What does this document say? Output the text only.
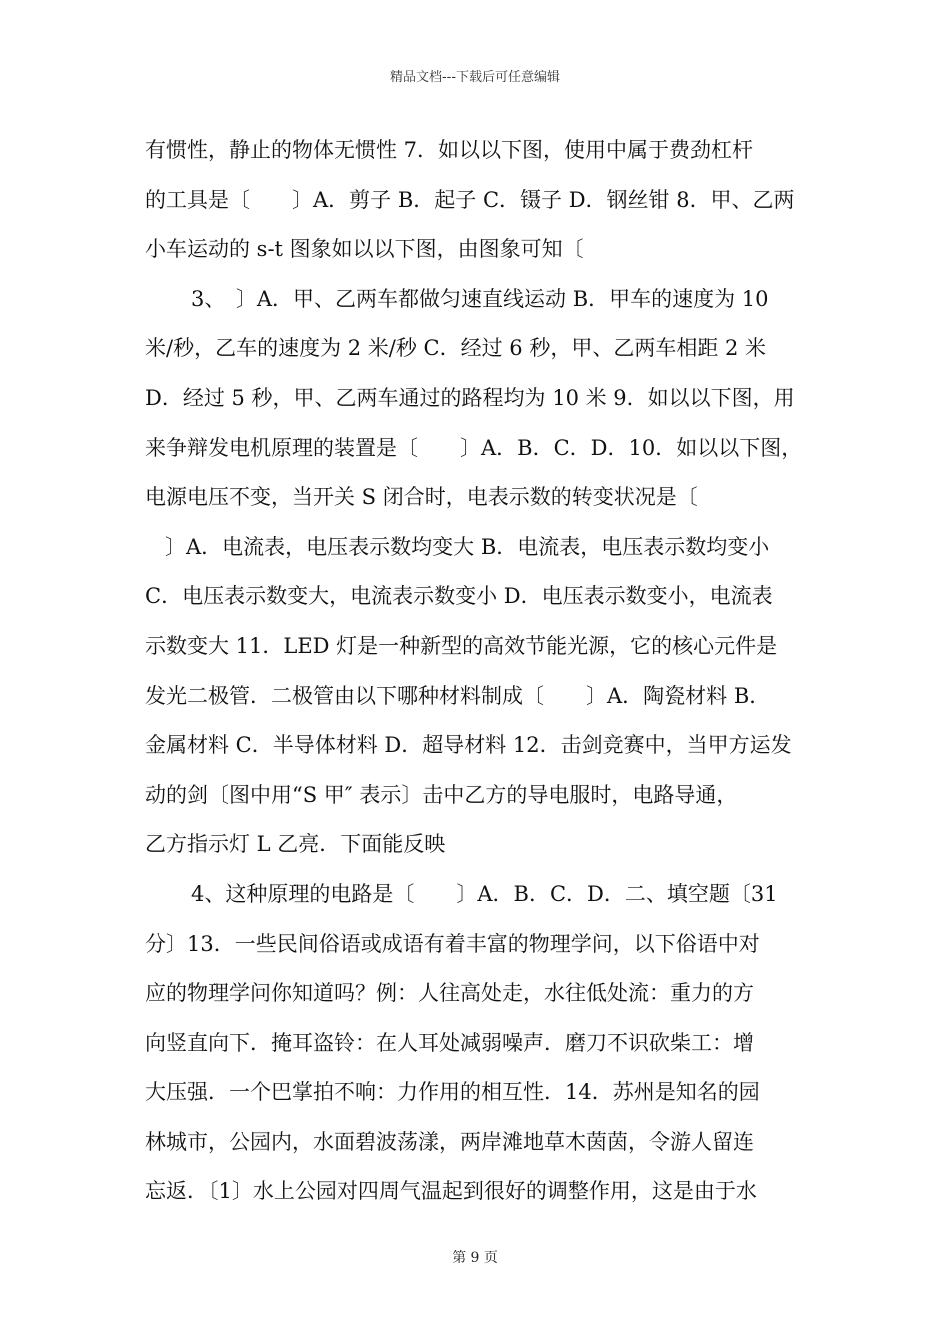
精品文档---下载后可任意编辑
有惯性，静止的物体无惯性 7．如以以下图，使用中属于费劲杠杆
的工具是〔　　〕A．剪子 B．起子 C．镊子 D．钢丝钳 8．甲、乙两
小车运动的 s-t 图象如以以下图，由图象可知〔
3、　〕A．甲、乙两车都做匀速直线运动 B．甲车的速度为 10
米/秒，乙车的速度为 2 米/秒 C．经过 6 秒，甲、乙两车相距 2 米
D．经过 5 秒，甲、乙两车通过的路程均为 10 米 9．如以以下图，用
来争辩发电机原理的装置是〔　　〕A．B．C．D．10．如以以下图，
电源电压不变，当开关 S 闭合时，电表示数的转变状况是〔
〕A．电流表，电压表示数均变大 B．电流表，电压表示数均变小
C．电压表示数变大，电流表示数变小 D．电压表示数变小，电流表
示数变大 11．LED 灯是一种新型的高效节能光源，它的核心元件是
发光二极管．二极管由以下哪种材料制成〔　　〕A．陶瓷材料 B．
金属材料 C．半导体材料 D．超导材料 12．击剑竞赛中，当甲方运发
动的剑〔图中用“S 甲″ 表示〕击中乙方的导电服时，电路导通，
乙方指示灯 L 乙亮．下面能反映
4、这种原理的电路是〔　　〕A．B．C．D．二、填空题〔31
分〕13．一些民间俗语或成语有着丰富的物理学问，以下俗语中对
应的物理学问你知道吗？例：人往高处走，水往低处流：重力的方
向竖直向下．掩耳盗铃：在人耳处减弱噪声．磨刀不识砍柴工：增
大压强．一个巴掌拍不响：力作用的相互性．14．苏州是知名的园
林城市，公园内，水面碧波荡漾，两岸滩地草木茵茵，令游人留连
忘返．〔1〕水上公园对四周气温起到很好的调整作用，这是由于水
第 9 页
